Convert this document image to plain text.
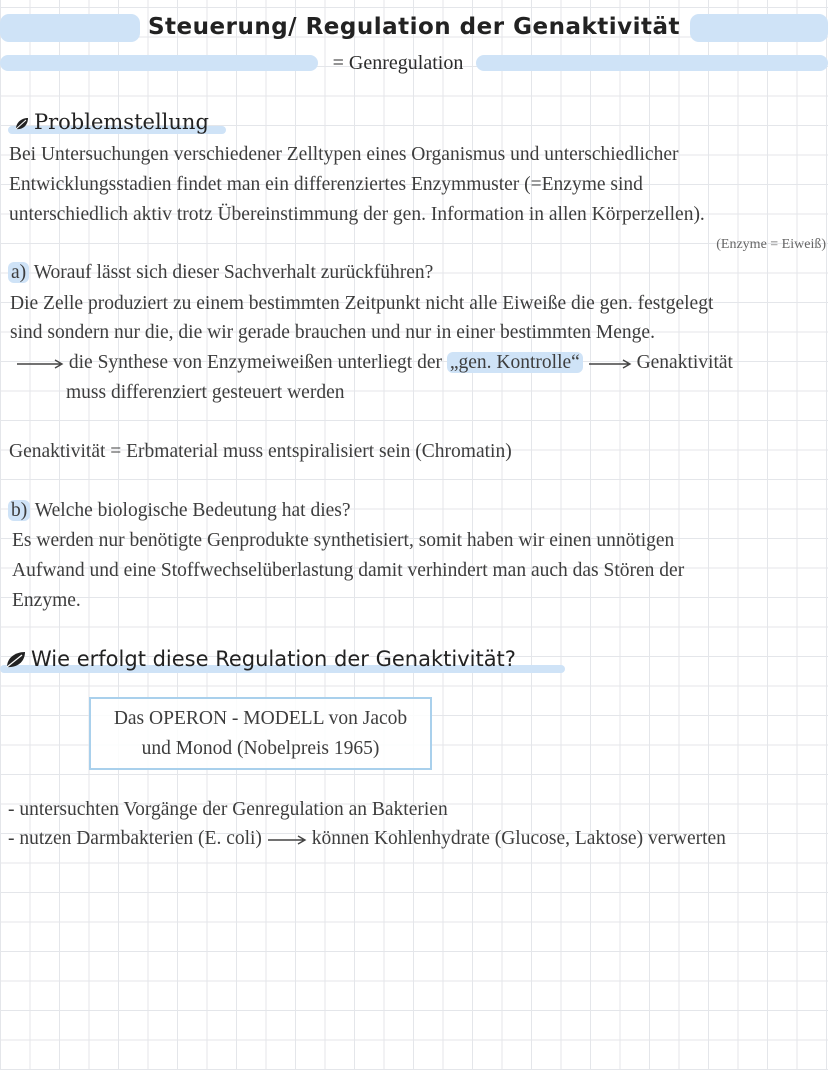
Steuerung/ Regulation der Genaktivität
= Genregulation
Problemstellung
Bei Untersuchungen verschiedener Zelltypen eines Organismus und unterschiedlicher
Entwicklungsstadien findet man ein differenziertes Enzymmuster (=Enzyme sind
unterschiedlich aktiv trotz Übereinstimmung der gen. Information in allen Körperzellen).
(Enzyme = Eiweiß)
a) Worauf lässt sich dieser Sachverhalt zurückführen?
Die Zelle produziert zu einem bestimmten Zeitpunkt nicht alle Eiweiße die gen. festgelegt
sind sondern nur die, die wir gerade brauchen und nur in einer bestimmten Menge.
die Synthese von Enzymeiweißen unterliegt der „gen. Kontrolle“	Genaktivität
muss differenziert gesteuert werden
Genaktivität = Erbmaterial muss entspiralisiert sein (Chromatin)
b) Welche biologische Bedeutung hat dies?
Es werden nur benötigte Genprodukte synthetisiert, somit haben wir einen unnötigen
Aufwand und eine Stoffwechselüberlastung damit verhindert man auch das Stören der
Enzyme.
Wie erfolgt diese Regulation der Genaktivität?
Das OPERON - MODELL von Jacob
und Monod (Nobelpreis 1965)
- untersuchten Vorgänge der Genregulation an Bakterien
- nutzen Darmbakterien (E. coli)	können Kohlenhydrate (Glucose, Laktose) verwerten
